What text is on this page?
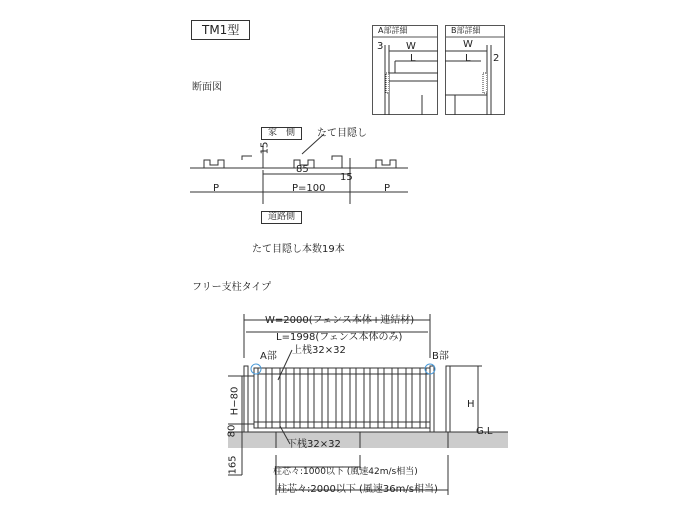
TM1型	A部詳細
3 W
L
B部詳細
W
L 2
断面図
家　側	たて目隠し
15
85
15
P	P=100	P
道路側
たて目隠し本数19本
フリー支柱タイプ
W=2000(フェンス本体+連結材)
L=1998(フェンス本体のみ)
A部
上桟32×32
B部
H−80
80
165
H
G.L
下桟32×32
柱芯々:1000以下 (風速42m/s相当)
柱芯々:2000以下 (風速36m/s相当)
